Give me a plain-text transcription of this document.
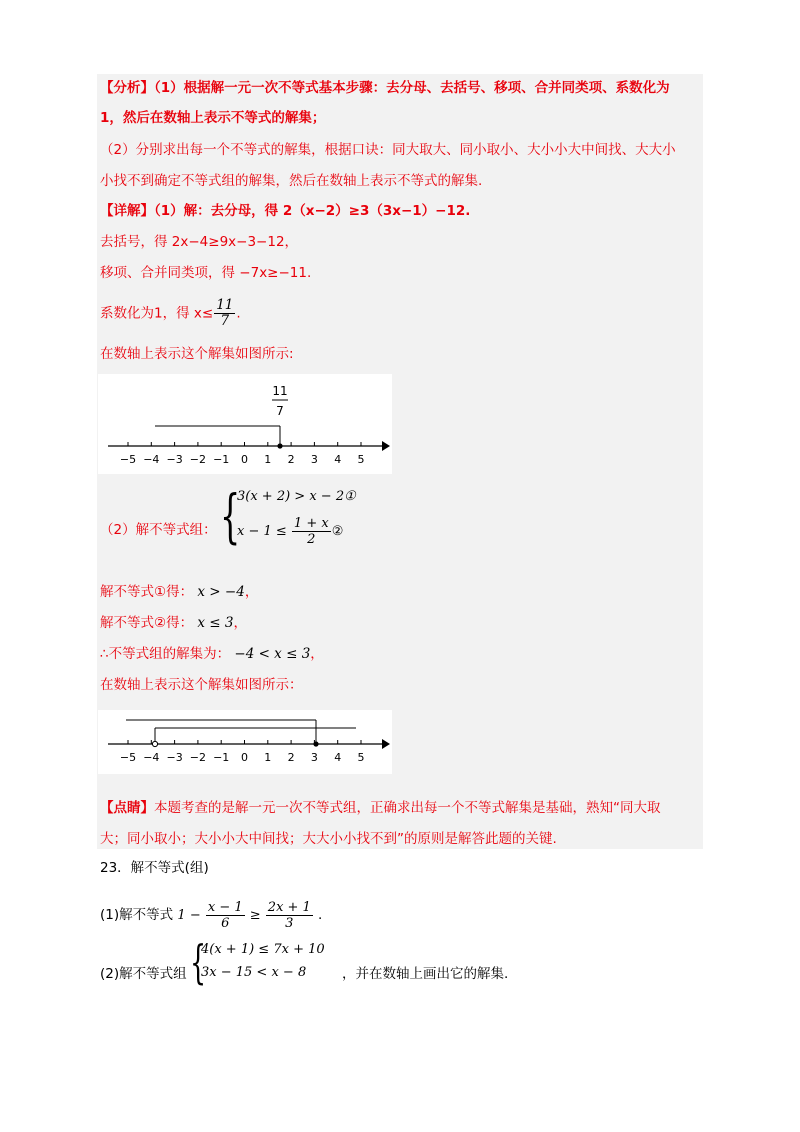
【分析】（1）根据解一元一次不等式基本步骤：去分母、去括号、移项、合并同类项、系数化为
1，然后在数轴上表示不等式的解集；
（2）分别求出每一个不等式的解集，根据口诀：同大取大、同小取小、大小小大中间找、大大小
小找不到确定不等式组的解集，然后在数轴上表示不等式的解集.
【详解】（1）解：去分母，得 2（x−2）≥3（3x−1）−12.
去括号，得 2x−4≥9x−3−12，
移项、合并同类项，得 −7x≥−11.
系数化为1，得 $x\le \frac{11}{7}$ .
在数轴上表示这个解集如图所示:
11
7
−5 −4 −3 −2 −1 0 1 2 3 4 5
（2）解不等式组： {
3(x + 2) > x − 2①
$x - 1 \le \frac{1 + x}{2}$ ②
解不等式①得： x > −4，
解不等式②得： x ≤ 3，
∴不等式组的解集为： −4 < x ≤ 3，
在数轴上表示这个解集如图所示：
−5 −4 −3 −2 −1 0 1 2 3 4 5
【点睛】本题考查的是解一元一次不等式组，正确求出每一个不等式解集是基础，熟知“同大取
大；同小取小；大小小大中间找；大大小小找不到”的原则是解答此题的关键.
23．解不等式(组)
(1)解不等式 $1 - \frac{x - 1}{6} \ge \frac{2x + 1}{3}$ .
(2)解不等式组 {
4(x + 1) ≤ 7x + 10
3x − 15 < x − 8	，并在数轴上画出它的解集.
